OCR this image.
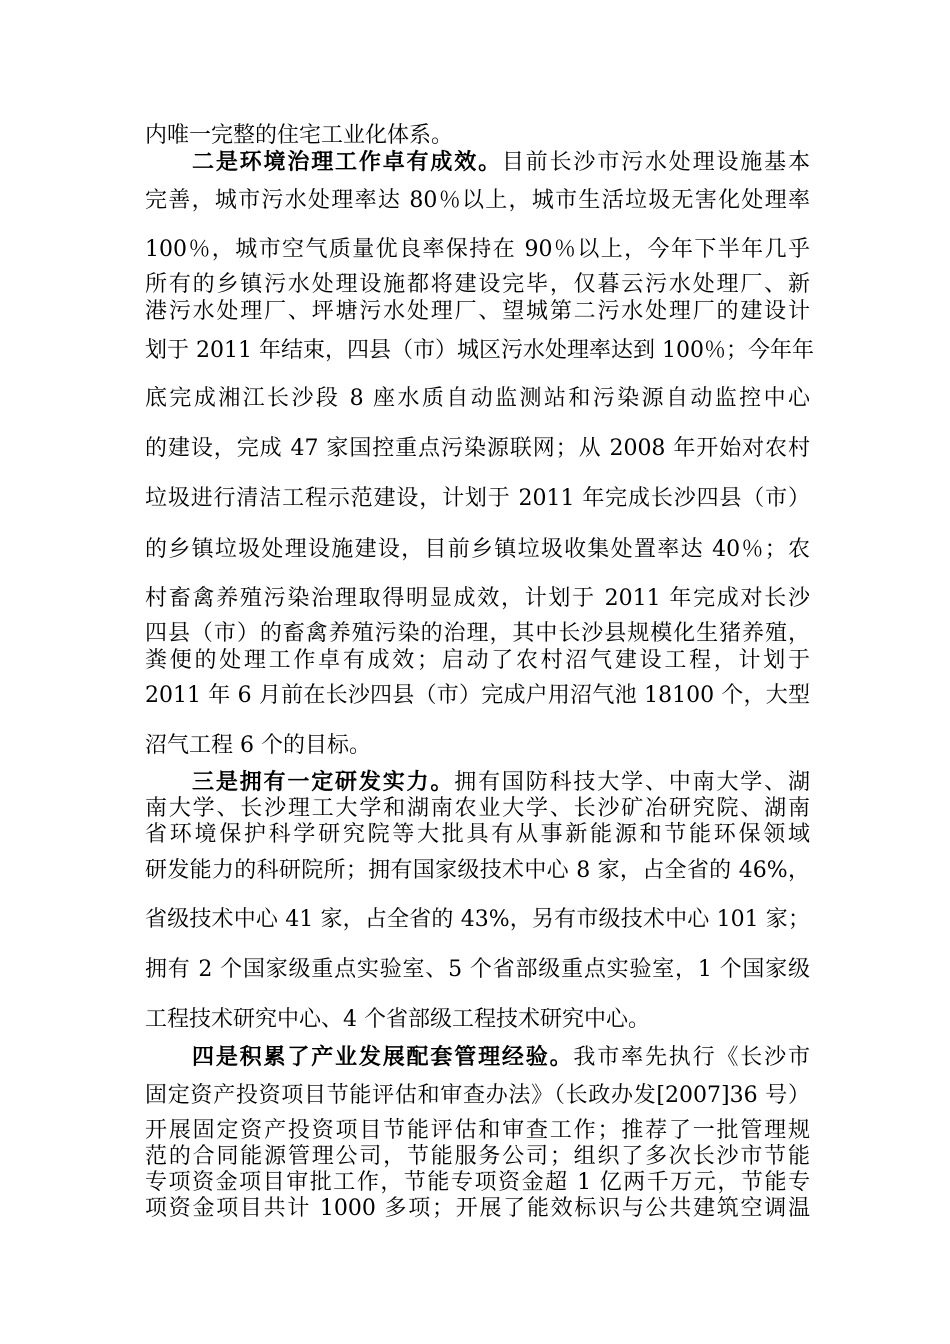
内唯一完整的住宅工业化体系。

二是环境治理工作卓有成效。目前长沙市污水处理设施基本

完善，城市污水处理率达 80％以上，城市生活垃圾无害化处理率

100％，城市空气质量优良率保持在 90％以上，今年下半年几乎

所有的乡镇污水处理设施都将建设完毕，仅暮云污水处理厂、新

港污水处理厂、坪塘污水处理厂、望城第二污水处理厂的建设计

划于 2011 年结束，四县（市）城区污水处理率达到 100％；今年年

底完成湘江长沙段 8 座水质自动监测站和污染源自动监控中心

的建设，完成 47 家国控重点污染源联网；从 2008 年开始对农村

垃圾进行清洁工程示范建设，计划于 2011 年完成长沙四县（市）

的乡镇垃圾处理设施建设，目前乡镇垃圾收集处置率达 40％；农

村畜禽养殖污染治理取得明显成效，计划于 2011 年完成对长沙

四县（市）的畜禽养殖污染的治理，其中长沙县规模化生猪养殖，

粪便的处理工作卓有成效；启动了农村沼气建设工程，计划于

2011 年 6 月前在长沙四县（市）完成户用沼气池 18100 个，大型

沼气工程 6 个的目标。

三是拥有一定研发实力。拥有国防科技大学、中南大学、湖

南大学、长沙理工大学和湖南农业大学、长沙矿冶研究院、湖南

省环境保护科学研究院等大批具有从事新能源和节能环保领域

研发能力的科研院所；拥有国家级技术中心 8 家，占全省的 46%，

省级技术中心 41 家，占全省的 43%，另有市级技术中心 101 家；

拥有 2 个国家级重点实验室、5 个省部级重点实验室，1 个国家级

工程技术研究中心、4 个省部级工程技术研究中心。

四是积累了产业发展配套管理经验。我市率先执行《长沙市

固定资产投资项目节能评估和审查办法》（长政办发[2007]36 号）

开展固定资产投资项目节能评估和审查工作；推荐了一批管理规

范的合同能源管理公司，节能服务公司；组织了多次长沙市节能

专项资金项目审批工作，节能专项资金超 1 亿两千万元，节能专

项资金项目共计 1000 多项；开展了能效标识与公共建筑空调温
